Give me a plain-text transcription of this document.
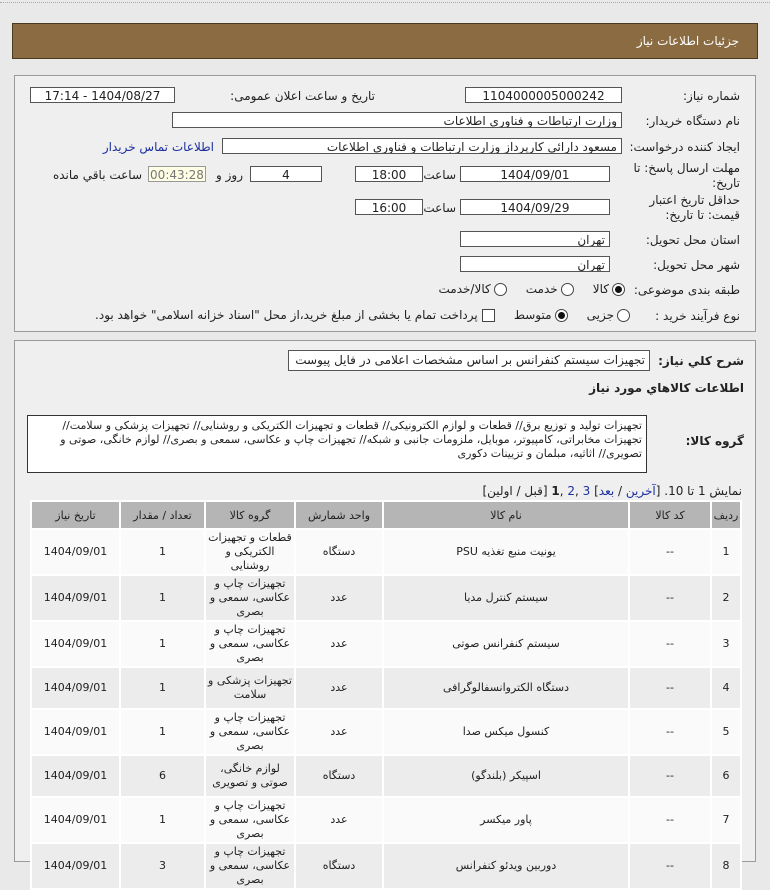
جزئیات اطلاعات نیاز
شماره نیاز:
1104000005000242
تاریخ و ساعت اعلان عمومی:
1404/08/27 - 17:14
نام دستگاه خریدار:
وزارت ارتباطات و فناوری اطلاعات
ایجاد کننده درخواست:
مسعود دارائی کارپرداز وزارت ارتباطات و فناوری اطلاعات
اطلاعات تماس خریدار
مهلت ارسال پاسخ: تا تاریخ:
1404/09/01
ساعت
18:00
4
روز و
00:43:28
ساعت باقي مانده
حداقل تاریخ اعتبار قیمت: تا تاریخ:
1404/09/29
ساعت
16:00
استان محل تحویل:
تهران
شهر محل تحویل:
تهران
طبقه بندی موضوعی:
کالا     خدمت     کالا/خدمت
نوع فرآیند خرید :
جزیی     متوسط     پرداخت تمام یا بخشی از مبلغ خرید،از محل "اسناد خزانه اسلامی" خواهد بود.
شرح کلي نیاز:
تجهیزات سیستم کنفرانس بر اساس مشخصات اعلامی در فایل پیوست
اطلاعات کالاهاي مورد نیاز
گروه کالا:
تجهیزات تولید و توزیع برق// قطعات و لوازم الکترونیکی// قطعات و تجهیزات الکتریکی و روشنایی// تجهیزات پزشکی و سلامت// تجهیزات مخابراتی، کامپیوتر، موبایل، ملزومات جانبی و شبکه// تجهیزات چاپ و عکاسی، سمعی و بصری// لوازم خانگی، صوتی و تصویری// اثاثیه، مبلمان و تزیینات دکوری
نمایش 1 تا 10. [آخرین / بعد] 3 ,2 ,1 [قبل / اولین]
ردیف	کد کالا	نام کالا	واحد شمارش	گروه کالا	تعداد / مقدار	تاریخ نیاز
1	--	یونیت منبع تغذیه PSU	دستگاه	قطعات و تجهیزات الکتریکی و روشنایی	1	1404/09/01
2	--	سیستم کنترل مدیا	عدد	تجهیزات چاپ و عکاسی، سمعی و بصری	1	1404/09/01
3	--	سیستم کنفرانس صوتی	عدد	تجهیزات چاپ و عکاسی، سمعی و بصری	1	1404/09/01
4	--	دستگاه الکتروانسفالوگرافی	عدد	تجهیزات پزشکی و سلامت	1	1404/09/01
5	--	کنسول میکس صدا	عدد	تجهیزات چاپ و عکاسی، سمعی و بصری	1	1404/09/01
6	--	اسپیکر (بلندگو)	دستگاه	لوازم خانگی، صوتی و تصویری	6	1404/09/01
7	--	پاور میکسر	عدد	تجهیزات چاپ و عکاسی، سمعی و بصری	1	1404/09/01
8	--	دوربین ویدئو کنفرانس	دستگاه	تجهیزات چاپ و عکاسی، سمعی و بصری	3	1404/09/01
